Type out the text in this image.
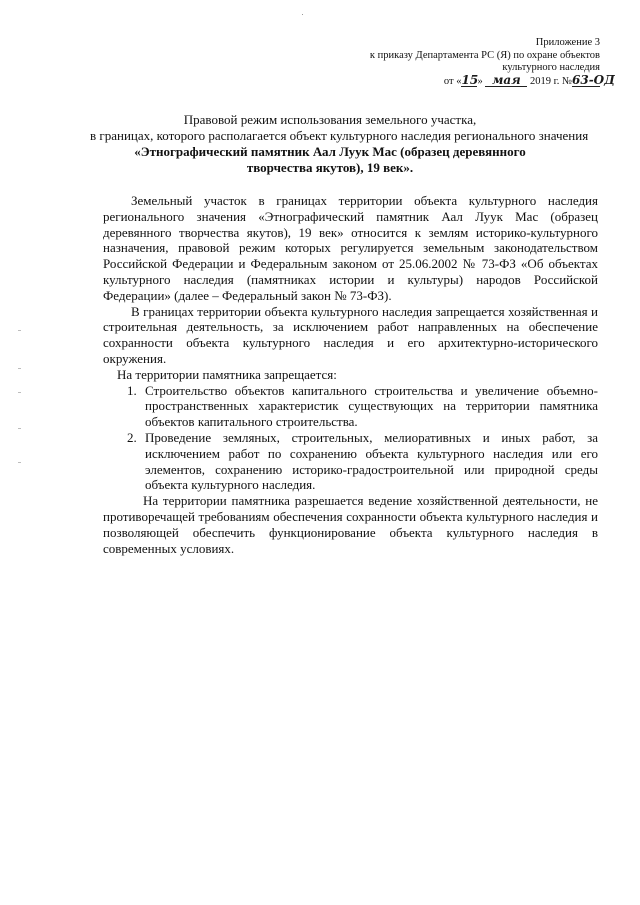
Приложение 3
к приказу Департамента РС (Я) по охране объектов
культурного наследия
от «15» мая 2019 г. №63-ОД
Правовой режим использования земельного участка,
в границах, которого располагается объект культурного наследия регионального значения
«Этнографический памятник Аал Луук Мас (образец деревянного творчества якутов), 19 век».

Земельный участок в границах территории объекта культурного наследия регионального значения «Этнографический памятник Аал Луук Мас (образец деревянного творчества якутов), 19 век» относится к землям историко-культурного назначения, правовой режим которых регулируется земельным законодательством Российской Федерации и Федеральным законом от 25.06.2002 № 73-ФЗ «Об объектах культурного наследия (памятниках истории и культуры) народов Российской Федерации» (далее – Федеральный закон № 73-ФЗ).

В границах территории объекта культурного наследия запрещается хозяйственная и строительная деятельность, за исключением работ направленных на обеспечение сохранности объекта культурного наследия и его архитектурно-исторического окружения.

На территории памятника запрещается:

1. Строительство объектов капитального строительства и увеличение объемно-пространственных характеристик существующих на территории памятника объектов капитального строительства.
2. Проведение земляных, строительных, мелиоративных и иных работ, за исключением работ по сохранению объекта культурного наследия или его элементов, сохранению историко-градостроительной или природной среды объекта культурного наследия.

На территории памятника разрешается ведение хозяйственной деятельности, не противоречащей требованиям обеспечения сохранности объекта культурного наследия и позволяющей обеспечить функционирование объекта культурного наследия в современных условиях.
